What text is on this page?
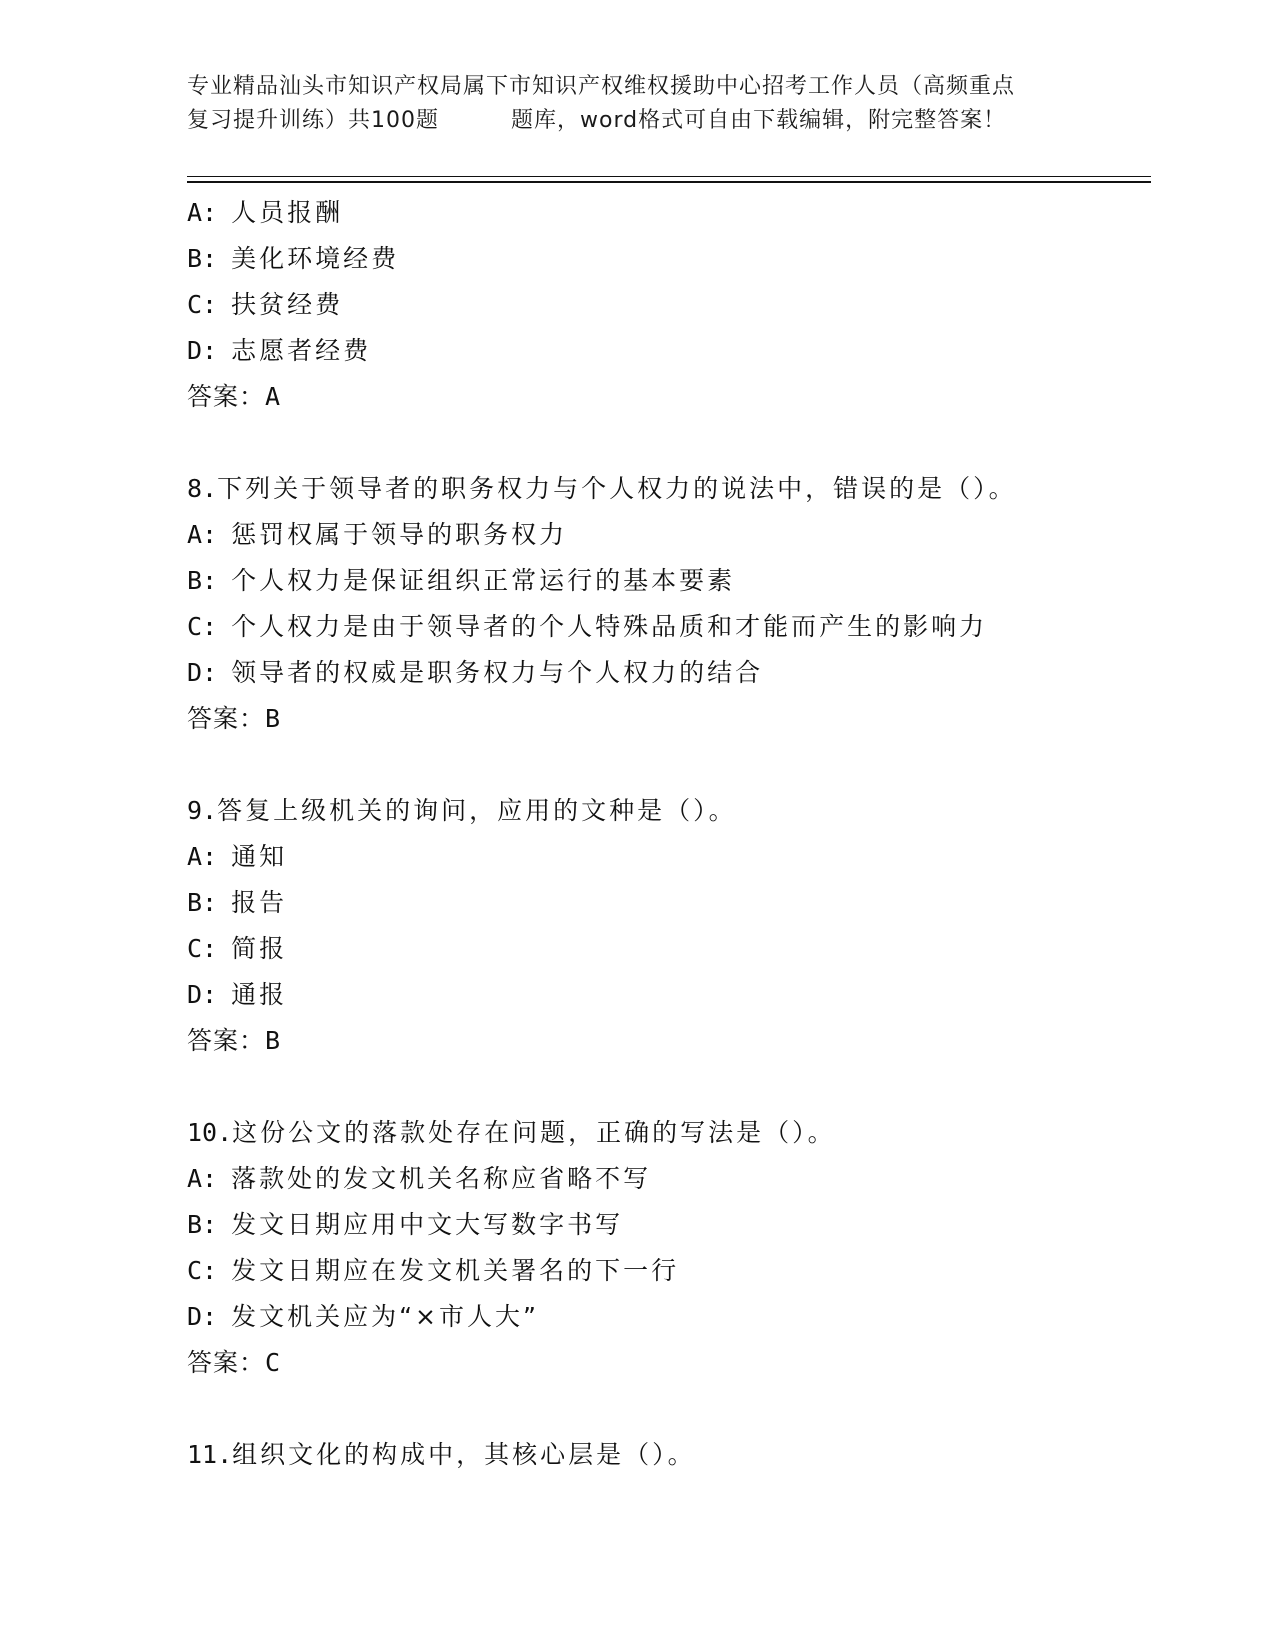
专业精品汕头市知识产权局属下市知识产权维权援助中心招考工作人员（高频重点
复习提升训练）共100题	题库，word格式可自由下载编辑，附完整答案！
A: 人员报酬
B: 美化环境经费
C: 扶贫经费
D: 志愿者经费
答案：A
8.下列关于领导者的职务权力与个人权力的说法中，错误的是（）。
A: 惩罚权属于领导的职务权力
B: 个人权力是保证组织正常运行的基本要素
C: 个人权力是由于领导者的个人特殊品质和才能而产生的影响力
D: 领导者的权威是职务权力与个人权力的结合
答案：B
9.答复上级机关的询问，应用的文种是（）。
A: 通知
B: 报告
C: 简报
D: 通报
答案：B
10.这份公文的落款处存在问题，正确的写法是（）。
A: 落款处的发文机关名称应省略不写
B: 发文日期应用中文大写数字书写
C: 发文日期应在发文机关署名的下一行
D: 发文机关应为“×市人大”
答案：C
11.组织文化的构成中，其核心层是（）。
